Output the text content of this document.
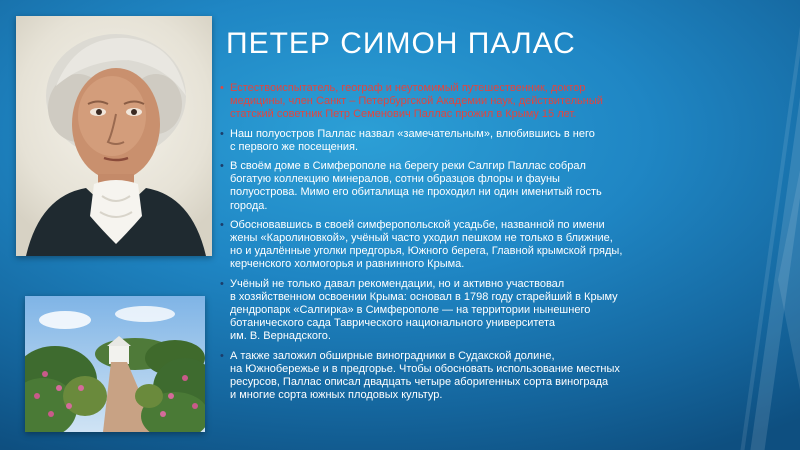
ПЕТЕР СИМОН ПАЛАС
• Естествоиспытатель, географ и неутомимый путешественник, доктор
медицины, член Санкт – Петербургской Академии наук, действительный
статский советник Петр Семенович Паллас прожил в Крыму 15 лет.
• Наш полуостров Паллас назвал «замечательным», влюбившись в него
с первого же посещения.
• В своём доме в Симферополе на берегу реки Салгир Паллас собрал
богатую коллекцию минералов, сотни образцов флоры и фауны
полуострова. Мимо его обиталища не проходил ни один именитый гость
города.
• Обосновавшись в своей симферопольской усадьбе, названной по имени
жены «Каролиновкой», учёный часто уходил пешком не только в ближние,
но и удалённые уголки предгорья, Южного берега, Главной крымской гряды,
керченского холмогорья и равнинного Крыма.
• Учёный не только давал рекомендации, но и активно участвовал
в хозяйственном освоении Крыма: основал в 1798 году старейший в Крыму
дендропарк «Салгирка» в Симферополе — на территории нынешнего
ботанического сада Таврического национального университета
им. В. Вернадского.
• А также заложил обширные виноградники в Судакской долине,
на Южнобережье и в предгорье. Чтобы обосновать использование местных
ресурсов, Паллас описал двадцать четыре аборигенных сорта винограда
и многие сорта южных плодовых культур.
